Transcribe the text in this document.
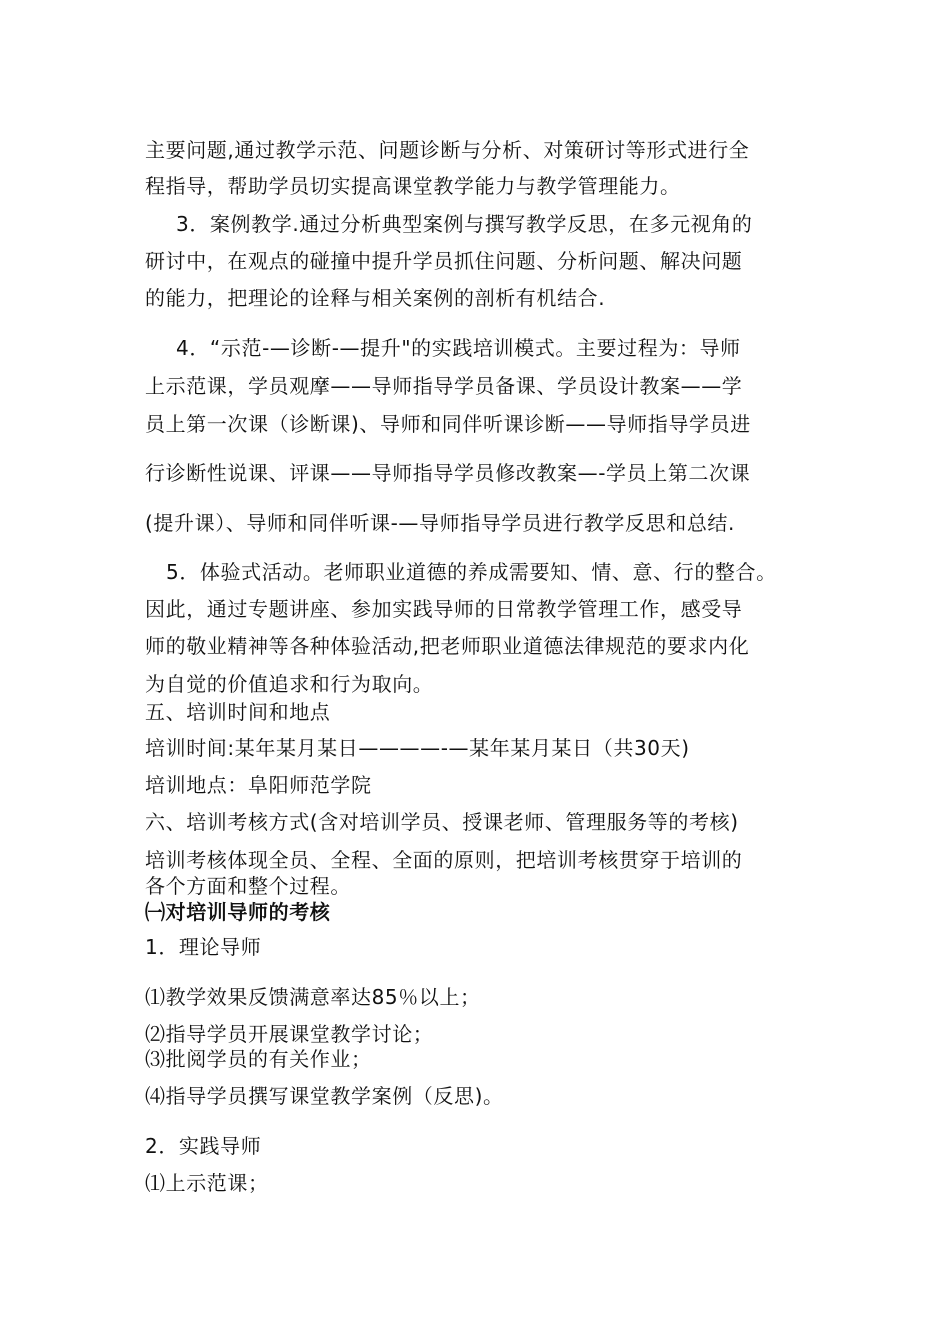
主要问题,通过教学示范、问题诊断与分析、对策研讨等形式进行全
程指导，帮助学员切实提高课堂教学能力与教学管理能力。
3．案例教学.通过分析典型案例与撰写教学反思，在多元视角的
研讨中，在观点的碰撞中提升学员抓住问题、分析问题、解决问题
的能力，把理论的诠释与相关案例的剖析有机结合.
4．“示范-—诊断-—提升"的实践培训模式。主要过程为：导师
上示范课，学员观摩——导师指导学员备课、学员设计教案——学
员上第一次课（诊断课)、导师和同伴听课诊断——导师指导学员进
行诊断性说课、评课——导师指导学员修改教案—-学员上第二次课
(提升课）、导师和同伴听课-—导师指导学员进行教学反思和总结.
5．体验式活动。老师职业道德的养成需要知、情、意、行的整合。
因此，通过专题讲座、参加实践导师的日常教学管理工作，感受导
师的敬业精神等各种体验活动,把老师职业道德法律规范的要求内化
为自觉的价值追求和行为取向。
五、培训时间和地点
培训时间:某年某月某日————-—某年某月某日（共30天)
培训地点：阜阳师范学院
六、培训考核方式(含对培训学员、授课老师、管理服务等的考核)
培训考核体现全员、全程、全面的原则，把培训考核贯穿于培训的
各个方面和整个过程。
㈠对培训导师的考核
1．理论导师
⑴教学效果反馈满意率达85％以上；
⑵指导学员开展课堂教学讨论；
⑶批阅学员的有关作业；
⑷指导学员撰写课堂教学案例（反思)。
2．实践导师
⑴上示范课；
